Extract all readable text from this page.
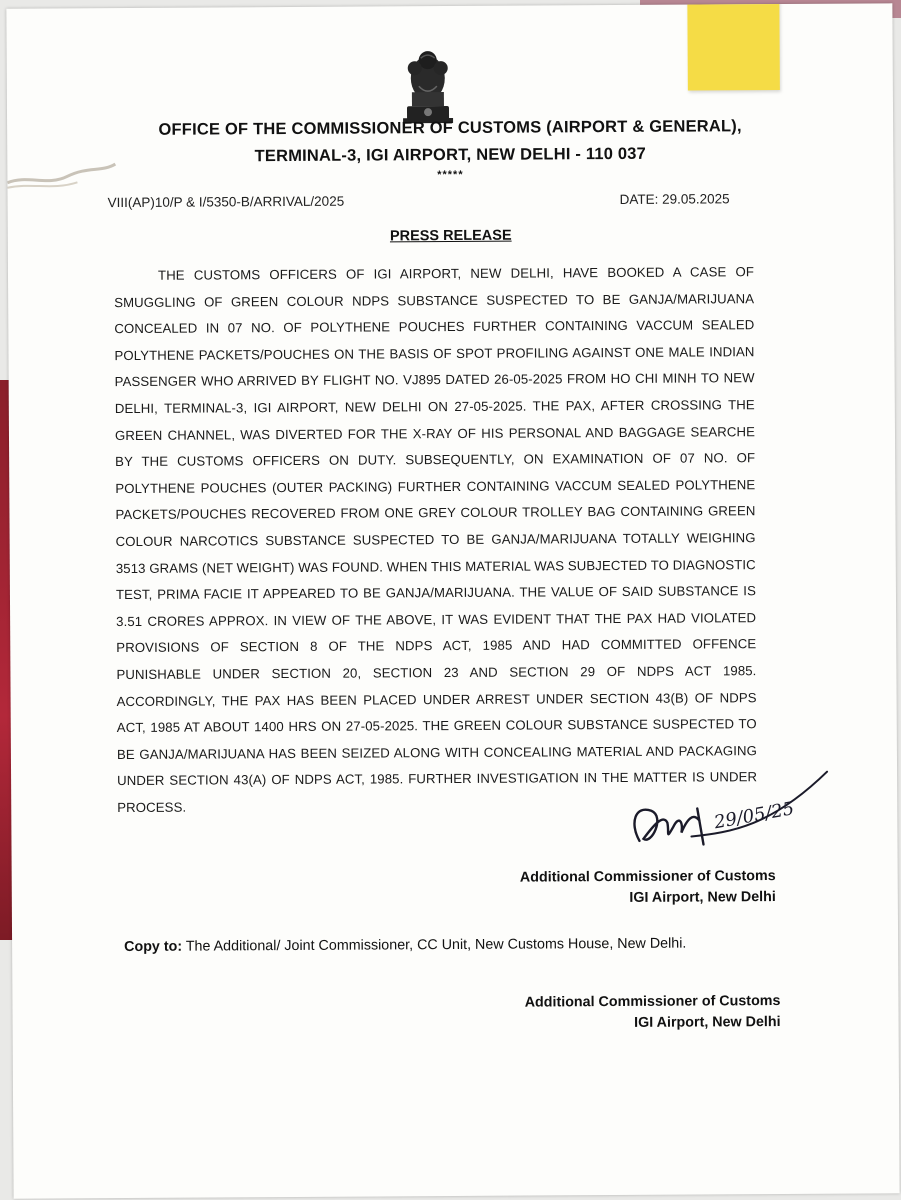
OFFICE OF THE COMMISSIONER OF CUSTOMS (AIRPORT & GENERAL),
TERMINAL-3, IGI AIRPORT, NEW DELHI - 110 037
*****
VIII(AP)10/P & I/5350-B/ARRIVAL/2025	DATE: 29.05.2025
PRESS RELEASE

THE CUSTOMS OFFICERS OF IGI AIRPORT, NEW DELHI, HAVE BOOKED A CASE OF SMUGGLING OF GREEN COLOUR NDPS SUBSTANCE SUSPECTED TO BE GANJA/MARIJUANA CONCEALED IN 07 NO. OF POLYTHENE POUCHES FURTHER CONTAINING VACCUM SEALED POLYTHENE PACKETS/POUCHES ON THE BASIS OF SPOT PROFILING AGAINST ONE MALE INDIAN PASSENGER WHO ARRIVED BY FLIGHT NO. VJ895 DATED 26-05-2025 FROM HO CHI MINH TO NEW DELHI, TERMINAL-3, IGI AIRPORT, NEW DELHI ON 27-05-2025. THE PAX, AFTER CROSSING THE GREEN CHANNEL, WAS DIVERTED FOR THE X-RAY OF HIS PERSONAL AND BAGGAGE SEARCHE BY THE CUSTOMS OFFICERS ON DUTY. SUBSEQUENTLY, ON EXAMINATION OF 07 NO. OF POLYTHENE POUCHES (OUTER PACKING) FURTHER CONTAINING VACCUM SEALED POLYTHENE PACKETS/POUCHES RECOVERED FROM ONE GREY COLOUR TROLLEY BAG CONTAINING GREEN COLOUR NARCOTICS SUBSTANCE SUSPECTED TO BE GANJA/MARIJUANA TOTALLY WEIGHING 3513 GRAMS (NET WEIGHT) WAS FOUND. WHEN THIS MATERIAL WAS SUBJECTED TO DIAGNOSTIC TEST, PRIMA FACIE IT APPEARED TO BE GANJA/MARIJUANA. THE VALUE OF SAID SUBSTANCE IS 3.51 CRORES APPROX. IN VIEW OF THE ABOVE, IT WAS EVIDENT THAT THE PAX HAD VIOLATED PROVISIONS OF SECTION 8 OF THE NDPS ACT, 1985 AND HAD COMMITTED OFFENCE PUNISHABLE UNDER SECTION 20, SECTION 23 AND SECTION 29 OF NDPS ACT 1985. ACCORDINGLY, THE PAX HAS BEEN PLACED UNDER ARREST UNDER SECTION 43(B) OF NDPS ACT, 1985 AT ABOUT 1400 HRS ON 27-05-2025. THE GREEN COLOUR SUBSTANCE SUSPECTED TO BE GANJA/MARIJUANA HAS BEEN SEIZED ALONG WITH CONCEALING MATERIAL AND PACKAGING UNDER SECTION 43(A) OF NDPS ACT, 1985. FURTHER INVESTIGATION IN THE MATTER IS UNDER PROCESS.	29/05/25
Additional Commissioner of Customs
IGI Airport, New Delhi
Copy to: The Additional/ Joint Commissioner, CC Unit, New Customs House, New Delhi.
Additional Commissioner of Customs
IGI Airport, New Delhi
